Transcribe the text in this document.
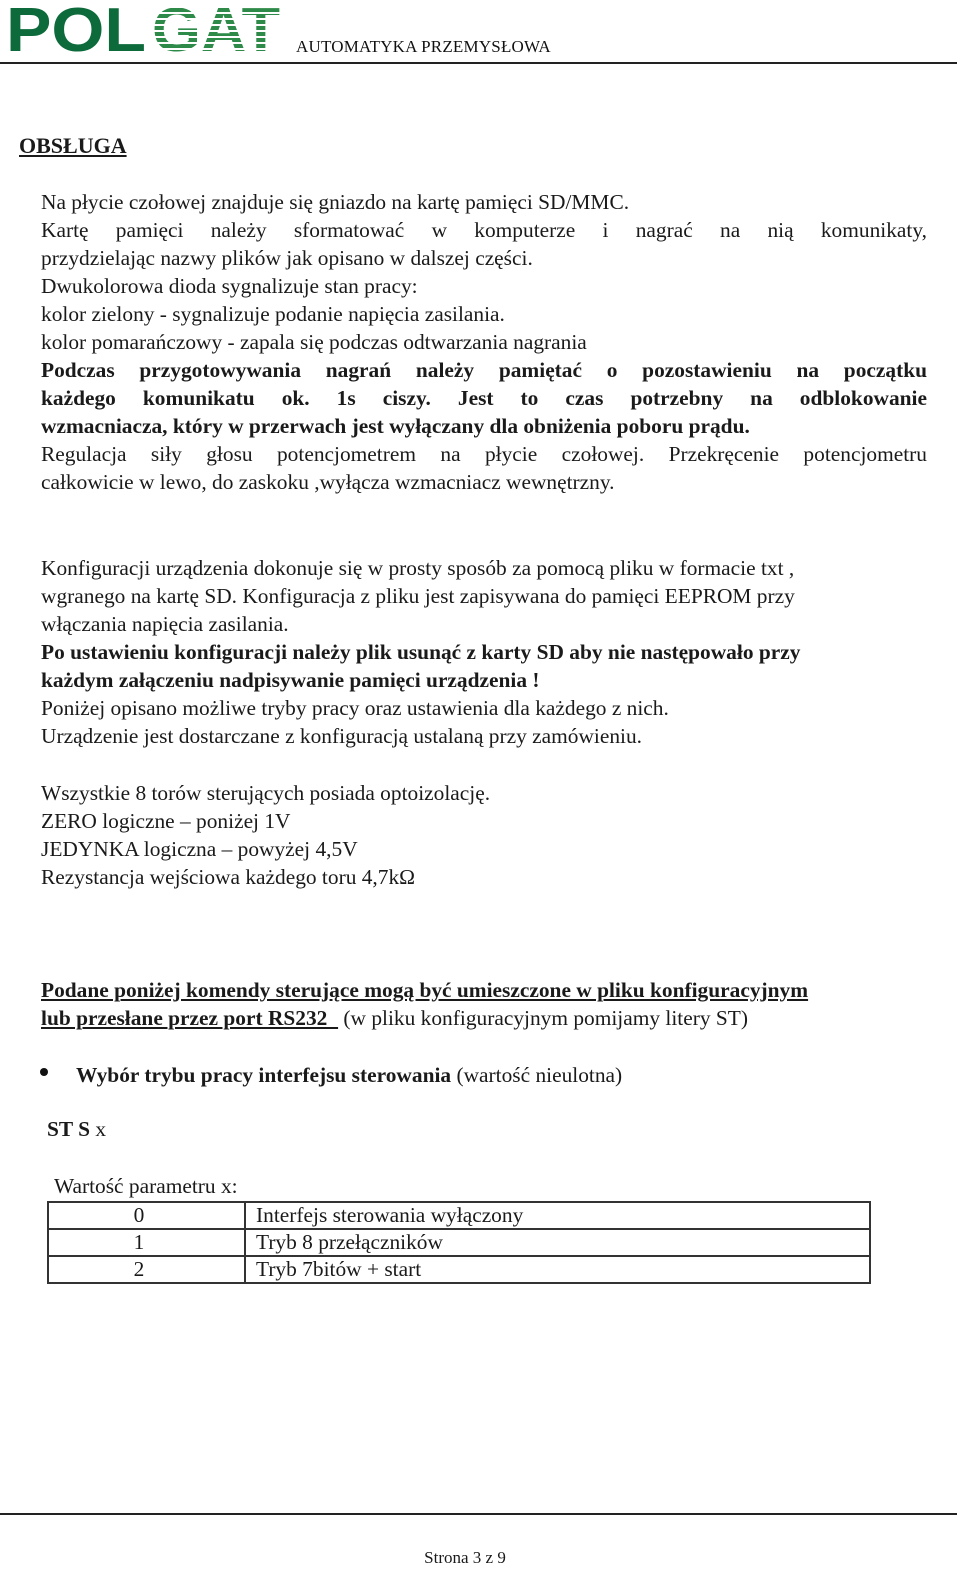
POL GAT AUTOMATYKA PRZEMYSŁOWA
OBSŁUGA
Na płycie czołowej znajduje się gniazdo na kartę pamięci SD/MMC.
Kartę pamięci należy sformatować w komputerze i nagrać na nią komunikaty,
przydzielając nazwy plików jak opisano w dalszej części.
Dwukolorowa dioda sygnalizuje stan pracy:
kolor zielony - sygnalizuje podanie napięcia zasilania.
kolor pomarańczowy - zapala się podczas odtwarzania nagrania
Podczas przygotowywania nagrań należy pamiętać o pozostawieniu na początku
każdego komunikatu ok. 1s ciszy. Jest to czas potrzebny na odblokowanie
wzmacniacza, który w przerwach jest wyłączany dla obniżenia poboru prądu.
Regulacja siły głosu potencjometrem na płycie czołowej. Przekręcenie potencjometru
całkowicie w lewo, do zaskoku ,wyłącza wzmacniacz wewnętrzny.
Konfiguracji urządzenia dokonuje się w prosty sposób za pomocą pliku w formacie txt ,
wgranego na kartę SD. Konfiguracja z pliku jest zapisywana do pamięci EEPROM przy
włączania napięcia zasilania.
Po ustawieniu konfiguracji należy plik usunąć z karty SD aby nie następowało przy
każdym załączeniu nadpisywanie pamięci urządzenia !
Poniżej opisano możliwe tryby pracy oraz ustawienia dla każdego z nich.
Urządzenie jest dostarczane z konfiguracją ustalaną przy zamówieniu.
Wszystkie 8 torów sterujących posiada optoizolację.
ZERO logiczne – poniżej 1V
JEDYNKA logiczna – powyżej 4,5V
Rezystancja wejściowa każdego toru 4,7kΩ
Podane poniżej komendy sterujące mogą być umieszczone w pliku konfiguracyjnym
lub przesłane przez port RS232   (w pliku konfiguracyjnym pomijamy litery ST)
Wybór trybu pracy interfejsu sterowania (wartość nieulotna)
ST S x
Wartość parametru x:
0	Interfejs sterowania wyłączony
1	Tryb 8 przełączników
2	Tryb 7bitów + start
Strona 3 z 9
